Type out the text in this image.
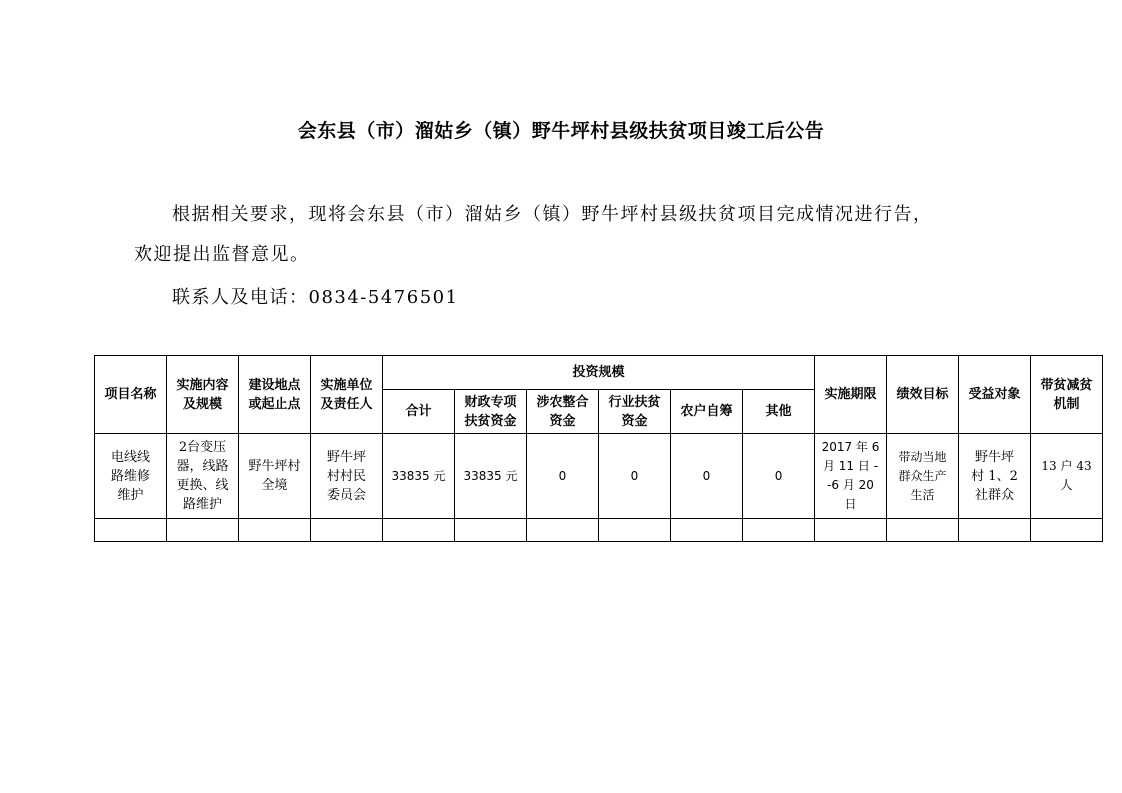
会东县（市）溜姑乡（镇）野牛坪村县级扶贫项目竣工后公告
根据相关要求，现将会东县（市）溜姑乡（镇）野牛坪村县级扶贫项目完成情况进行告，
欢迎提出监督意见。
联系人及电话：0834-5476501
项目名称	实施内容及规模	建设地点或起止点	实施单位及责任人	投资规模						实施期限	绩效目标	受益对象	带贫减贫机制
				合计	财政专项扶贫资金	涉农整合资金	行业扶贫资金	农户自筹	其他				
电线线路维修维护	2台变压器，线路更换、线路维护	野牛坪村全境	野牛坪村村民委员会	33835 元	33835 元	0	0	0	0	2017 年 6 月 11 日 --6 月 20 日	带动当地群众生产生活	野牛坪村 1、2 社群众	13 户 43 人
